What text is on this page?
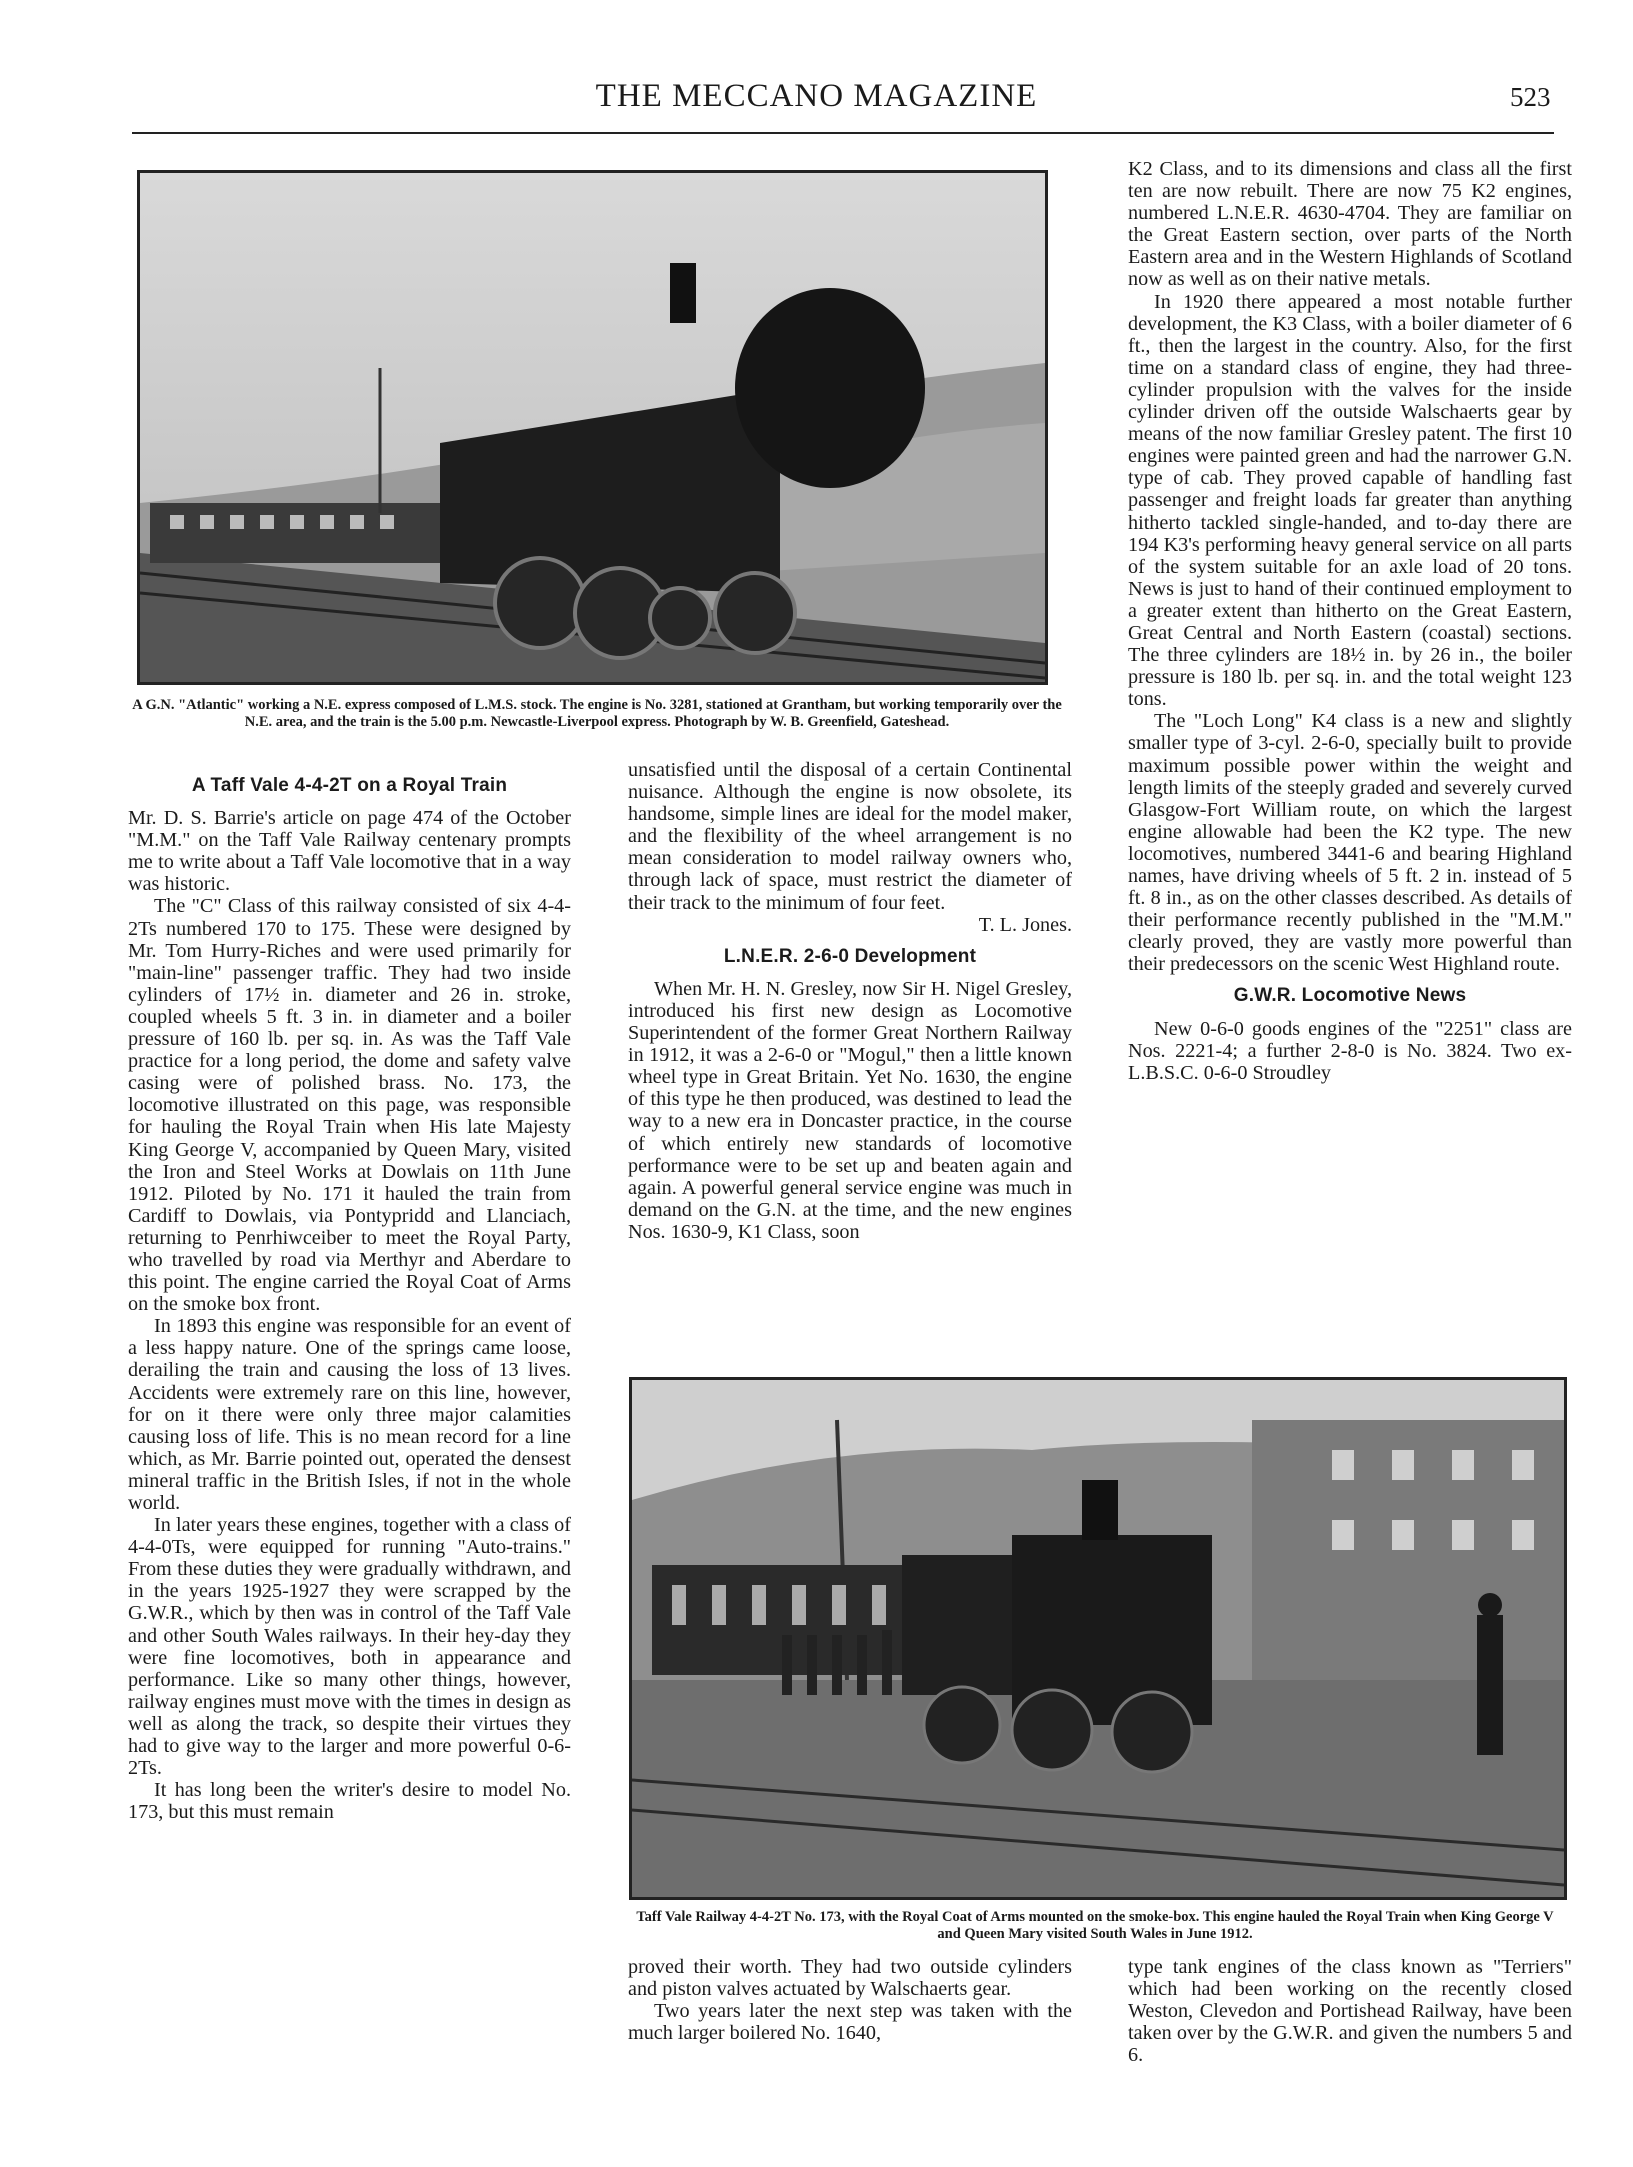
THE MECCANO MAGAZINE	523
A G.N. "Atlantic" working a N.E. express composed of L.M.S. stock. The engine is No. 3281, stationed at Grantham, but working temporarily over the N.E. area, and the train is the 5.00 p.m. Newcastle-Liverpool express. Photograph by W. B. Greenfield, Gateshead.
A Taff Vale 4-4-2T on a Royal Train

Mr. D. S. Barrie's article on page 474 of the October "M.M." on the Taff Vale Railway centenary prompts me to write about a Taff Vale locomotive that in a way was historic.

The "C" Class of this railway consisted of six 4-4-2Ts numbered 170 to 175. These were designed by Mr. Tom Hurry-Riches and were used primarily for "main-line" passenger traffic. They had two inside cylinders of 17½ in. diameter and 26 in. stroke, coupled wheels 5 ft. 3 in. in diameter and a boiler pressure of 160 lb. per sq. in. As was the Taff Vale practice for a long period, the dome and safety valve casing were of polished brass. No. 173, the locomotive illustrated on this page, was responsible for hauling the Royal Train when His late Majesty King George V, accompanied by Queen Mary, visited the Iron and Steel Works at Dowlais on 11th June 1912. Piloted by No. 171 it hauled the train from Cardiff to Dowlais, via Pontypridd and Llanciach, returning to Penrhiwceiber to meet the Royal Party, who travelled by road via Merthyr and Aberdare to this point. The engine carried the Royal Coat of Arms on the smoke box front.

In 1893 this engine was responsible for an event of a less happy nature. One of the springs came loose, derailing the train and causing the loss of 13 lives. Accidents were extremely rare on this line, however, for on it there were only three major calamities causing loss of life. This is no mean record for a line which, as Mr. Barrie pointed out, operated the densest mineral traffic in the British Isles, if not in the whole world.

In later years these engines, together with a class of 4-4-0Ts, were equipped for running "Auto-trains." From these duties they were gradually withdrawn, and in the years 1925-1927 they were scrapped by the G.W.R., which by then was in control of the Taff Vale and other South Wales railways. In their hey-day they were fine locomotives, both in appearance and performance. Like so many other things, however, railway engines must move with the times in design as well as along the track, so despite their virtues they had to give way to the larger and more powerful 0-6-2Ts.

It has long been the writer's desire to model No. 173, but this must remain

unsatisfied until the disposal of a certain Continental nuisance. Although the engine is now obsolete, its handsome, simple lines are ideal for the model maker, and the flexibility of the wheel arrangement is no mean consideration to model railway owners who, through lack of space, must restrict the diameter of their track to the minimum of four feet.

T. L. Jones.
L.N.E.R. 2-6-0 Development

When Mr. H. N. Gresley, now Sir H. Nigel Gresley, introduced his first new design as Locomotive Superintendent of the former Great Northern Railway in 1912, it was a 2-6-0 or "Mogul," then a little known wheel type in Great Britain. Yet No. 1630, the engine of this type he then produced, was destined to lead the way to a new era in Doncaster practice, in the course of which entirely new standards of locomotive performance were to be set up and beaten again and again. A powerful general service engine was much in demand on the G.N. at the time, and the new engines Nos. 1630-9, K1 Class, soon

K2 Class, and to its dimensions and class all the first ten are now rebuilt. There are now 75 K2 engines, numbered L.N.E.R. 4630-4704. They are familiar on the Great Eastern section, over parts of the North Eastern area and in the Western Highlands of Scotland now as well as on their native metals.

In 1920 there appeared a most notable further development, the K3 Class, with a boiler diameter of 6 ft., then the largest in the country. Also, for the first time on a standard class of engine, they had three-cylinder propulsion with the valves for the inside cylinder driven off the outside Walschaerts gear by means of the now familiar Gresley patent. The first 10 engines were painted green and had the narrower G.N. type of cab. They proved capable of handling fast passenger and freight loads far greater than anything hitherto tackled single-handed, and to-day there are 194 K3's performing heavy general service on all parts of the system suitable for an axle load of 20 tons. News is just to hand of their continued employment to a greater extent than hitherto on the Great Eastern, Great Central and North Eastern (coastal) sections. The three cylinders are 18½ in. by 26 in., the boiler pressure is 180 lb. per sq. in. and the total weight 123 tons.

The "Loch Long" K4 class is a new and slightly smaller type of 3-cyl. 2-6-0, specially built to provide maximum possible power within the weight and length limits of the steeply graded and severely curved Glasgow-Fort William route, on which the largest engine allowable had been the K2 type. The new locomotives, numbered 3441-6 and bearing Highland names, have driving wheels of 5 ft. 2 in. instead of 5 ft. 8 in., as on the other classes described. As details of their performance recently published in the "M.M." clearly proved, they are vastly more powerful than their predecessors on the scenic West Highland route.

G.W.R. Locomotive News

New 0-6-0 goods engines of the "2251" class are Nos. 2221-4; a further 2-8-0 is No. 3824. Two ex-L.B.S.C. 0-6-0 Stroudley

Taff Vale Railway 4-4-2T No. 173, with the Royal Coat of Arms mounted on the smoke-box. This engine hauled the Royal Train when King George V and Queen Mary visited South Wales in June 1912.

proved their worth. They had two outside cylinders and piston valves actuated by Walschaerts gear.

Two years later the next step was taken with the much larger boilered No. 1640,

type tank engines of the class known as "Terriers" which had been working on the recently closed Weston, Clevedon and Portishead Railway, have been taken over by the G.W.R. and given the numbers 5 and 6.
